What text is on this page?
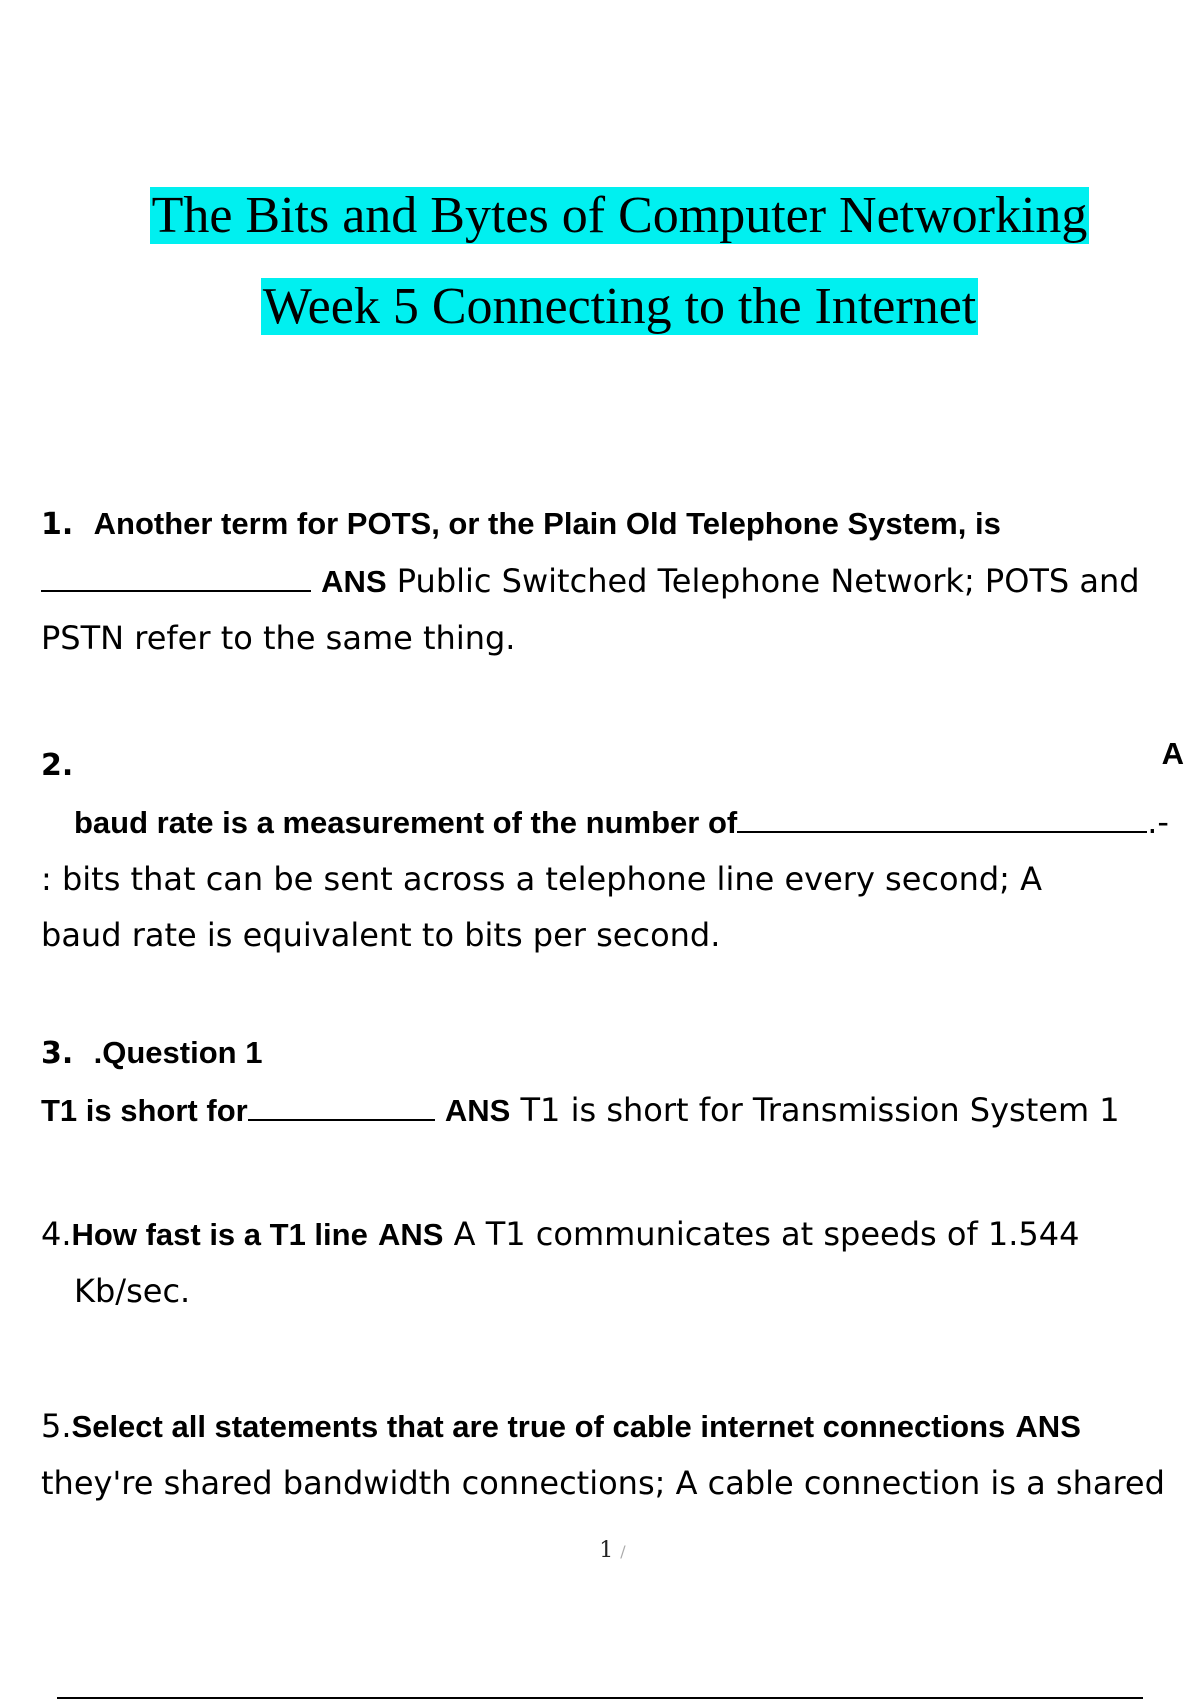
The Bits and Bytes of Computer Networking
Week 5 Connecting to the Internet
1. Another term for POTS, or the Plain Old Telephone System, is
ANS Public Switched Telephone Network; POTS and
PSTN refer to the same thing.
2.
baud rate is a measurement of the number of	.-
: bits that can be sent across a telephone line every second; A
baud rate is equivalent to bits per second.
A
3. .Question 1
T1 is short for	ANS T1 is short for Transmission System 1
4.How fast is a T1 line ANS A T1 communicates at speeds of 1.544
Kb/sec.
5.Select all statements that are true of cable internet connections ANS
they're shared bandwidth connections; A cable connection is a shared
1 /
